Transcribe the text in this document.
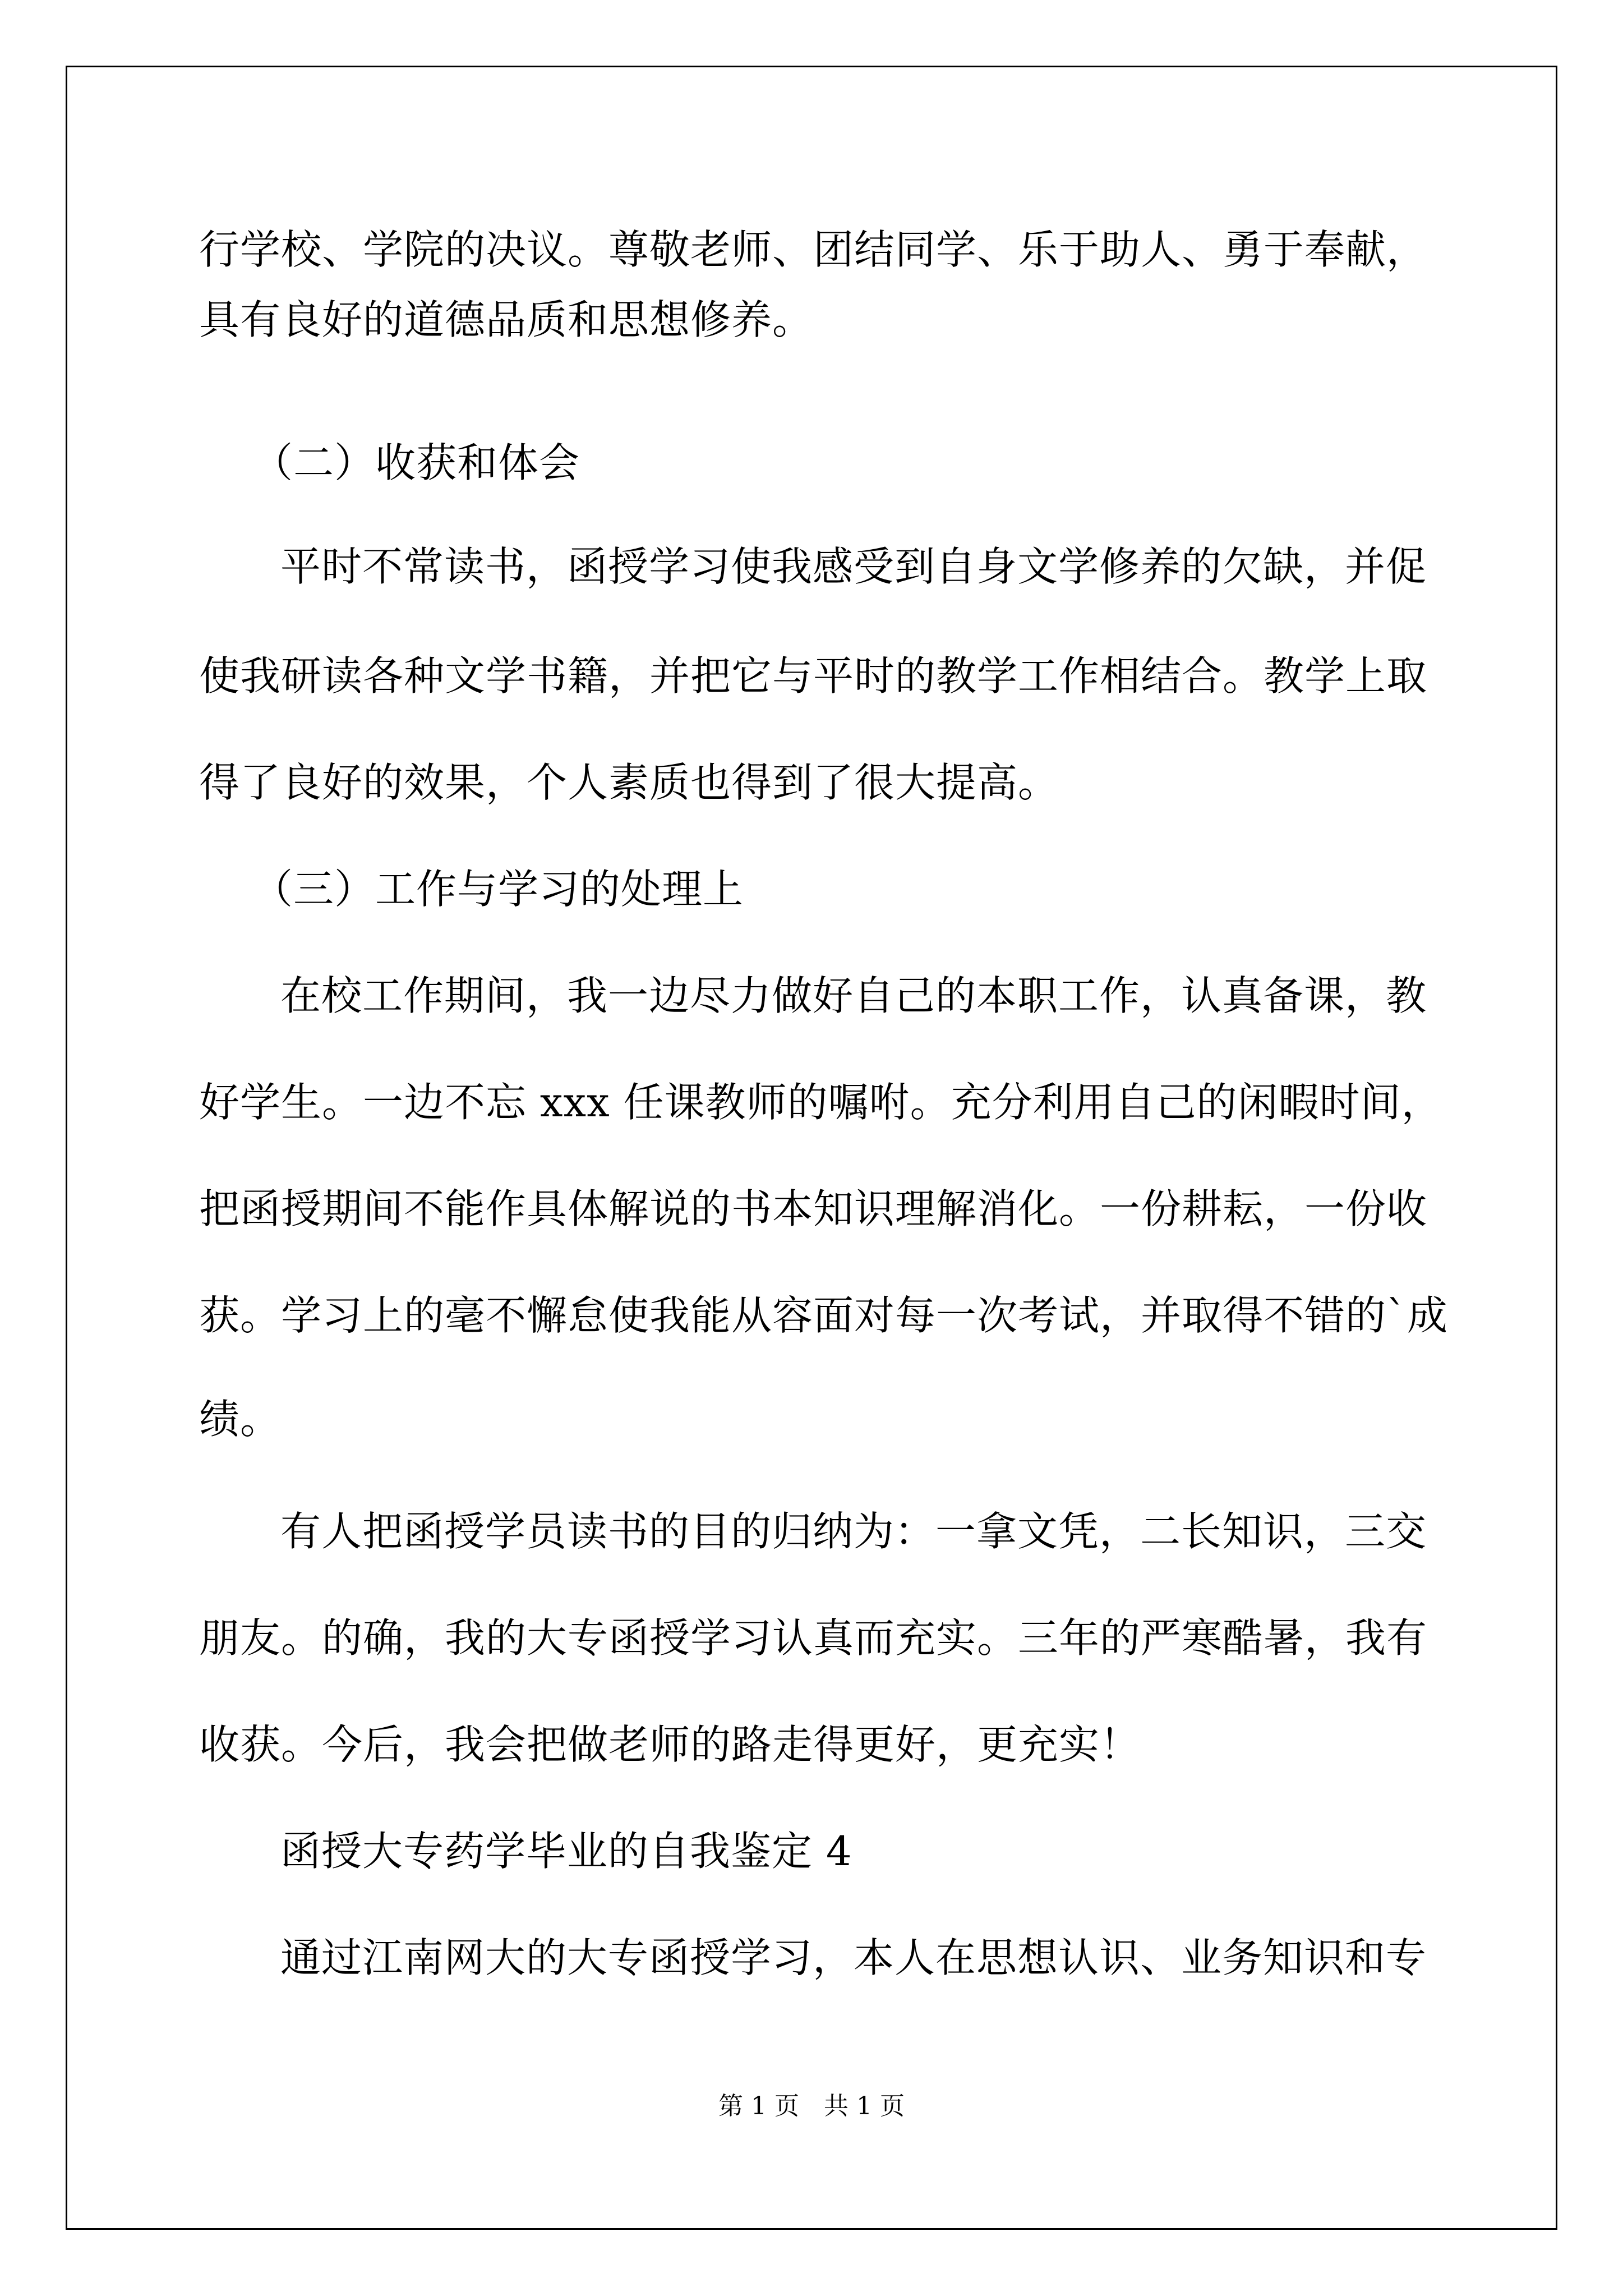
行学校、学院的决议。尊敬老师、团结同学、乐于助人、勇于奉献，
具有良好的道德品质和思想修养。
（二）收获和体会
平时不常读书，函授学习使我感受到自身文学修养的欠缺，并促
使我研读各种文学书籍，并把它与平时的教学工作相结合。教学上取
得了良好的效果，个人素质也得到了很大提高。
（三）工作与学习的处理上
在校工作期间，我一边尽力做好自己的本职工作，认真备课，教
好学生。一边不忘 xxx 任课教师的嘱咐。充分利用自己的闲暇时间，
把函授期间不能作具体解说的书本知识理解消化。一份耕耘，一份收
获。学习上的毫不懈怠使我能从容面对每一次考试，并取得不错的`成
绩。
有人把函授学员读书的目的归纳为：一拿文凭，二长知识，三交
朋友。的确，我的大专函授学习认真而充实。三年的严寒酷暑，我有
收获。今后，我会把做老师的路走得更好，更充实！
函授大专药学毕业的自我鉴定 4
通过江南网大的大专函授学习，本人在思想认识、业务知识和专
第 1 页　共 1 页
